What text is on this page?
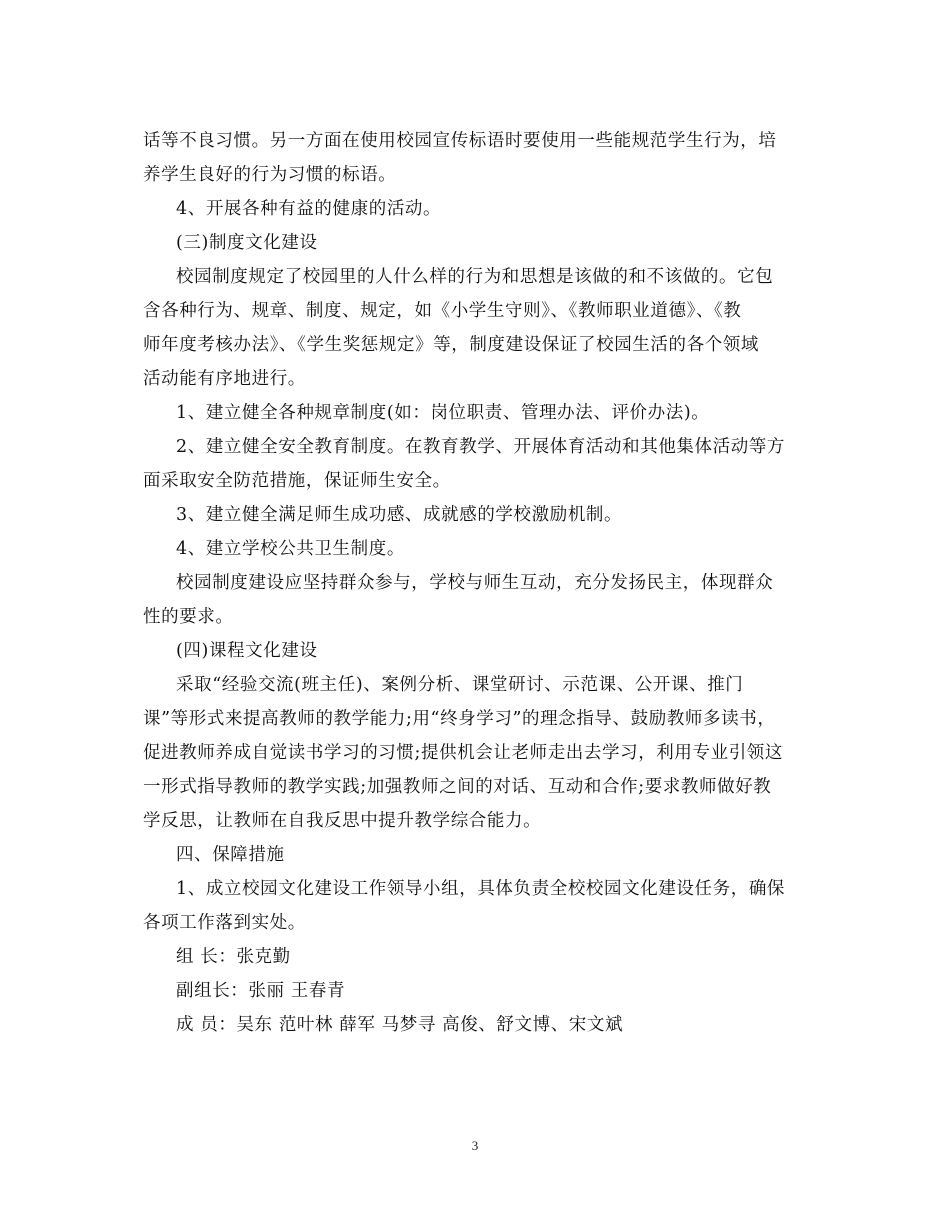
话等不良习惯。另一方面在使用校园宣传标语时要使用一些能规范学生行为，培
养学生良好的行为习惯的标语。
4、开展各种有益的健康的活动。
(三)制度文化建设
校园制度规定了校园里的人什么样的行为和思想是该做的和不该做的。它包
含各种行为、规章、制度、规定，如《小学生守则》、《教师职业道德》、《教
师年度考核办法》、《学生奖惩规定》等，制度建设保证了校园生活的各个领域
活动能有序地进行。
1、建立健全各种规章制度(如：岗位职责、管理办法、评价办法)。
2、建立健全安全教育制度。在教育教学、开展体育活动和其他集体活动等方
面采取安全防范措施，保证师生安全。
3、建立健全满足师生成功感、成就感的学校激励机制。
4、建立学校公共卫生制度。
校园制度建设应坚持群众参与，学校与师生互动，充分发扬民主，体现群众
性的要求。
(四)课程文化建设
采取“经验交流(班主任)、案例分析、课堂研讨、示范课、公开课、推门
课”等形式来提高教师的教学能力;用“终身学习”的理念指导、鼓励教师多读书，
促进教师养成自觉读书学习的习惯;提供机会让老师走出去学习，利用专业引领这
一形式指导教师的教学实践;加强教师之间的对话、互动和合作;要求教师做好教
学反思，让教师在自我反思中提升教学综合能力。
四、保障措施
1、成立校园文化建设工作领导小组，具体负责全校校园文化建设任务，确保
各项工作落到实处。
组 长：张克勤
副组长：张丽 王春青
成 员：吴东 范叶林 薛军 马梦寻 高俊、舒文博、宋文斌
3
